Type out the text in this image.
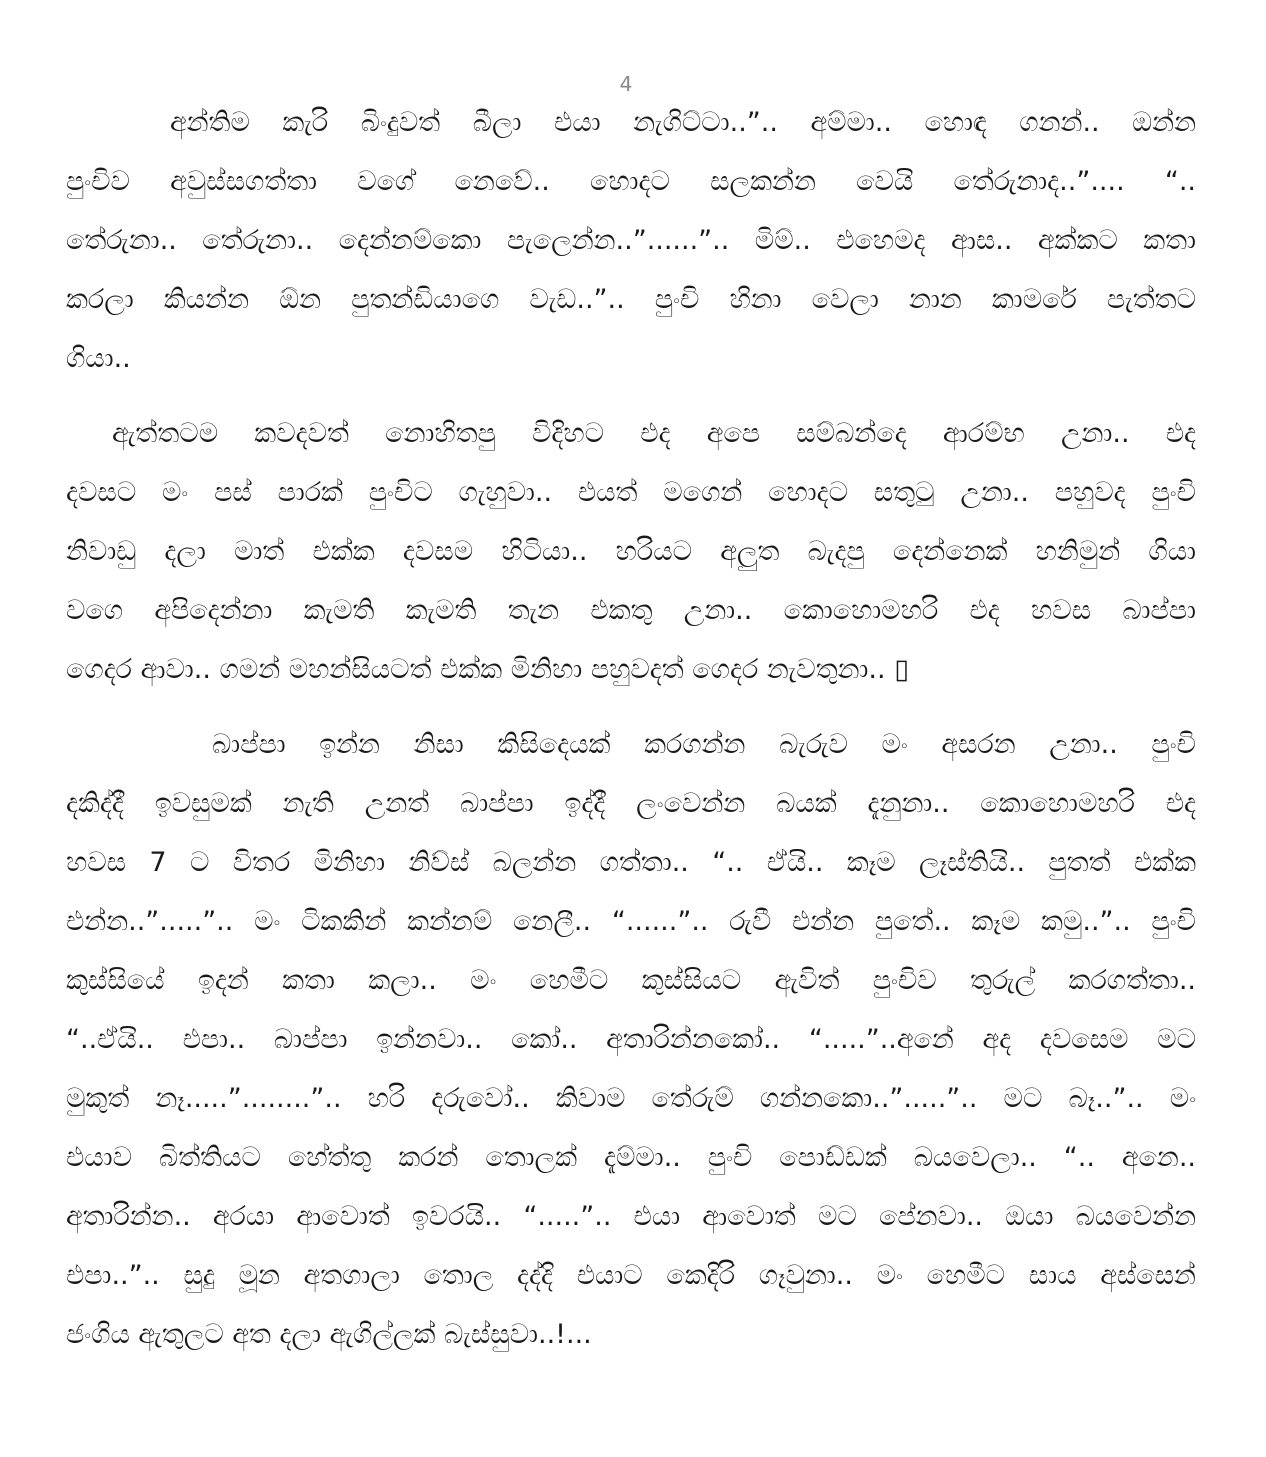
4
අන්තිම කැරි බිංදුවත් බීලා එයා නැගිට්ටා..”.. අම්මා.. හොඳ ගනන්.. ඔන්න
පුංචිව අවුස්සගත්තා වගේ නෙවේ.. හොදට සලකන්න වෙයි තේරුනාද..”.... “..
තේරුනා.. තේරුනා.. දෙන්නම්කො පැලෙන්න..”......”.. මිම්.. එහෙමද ආස.. අක්කට කතා
කරලා කියන්න ඕන පුතන්ඩියාගෙ වැඩ..”.. පුංචි හිනා වෙලා නාන කාමරේ පැත්තට
ගියා..
ඇත්තටම කවදවත් නොහිතපු විදිහට එද අපෙ සම්බන්දෙ ආරම්භ උනා.. එද
දවසට මං පස් පාරක් පුංචිට ගැහුවා.. එයත් මගෙන් හොදට සතුටු උනා.. පහුවද පුංචි
නිවාඩු දලා මාත් එක්ක දවසම හිටියා.. හරියට අලුත බැදපු දෙන්නෙක් හනිමුන් ගියා
වගෙ අපිදෙන්නා කැමති කැමති තැන එකතු උනා.. කොහොමහරි එද හවස බාප්පා
ගෙදර ආවා.. ගමන් මහන්සියටත් එක්ක මිනිහා පහුවදත් ගෙදර නැවතුනා.. ▯
බාප්පා ඉන්න නිසා කිසිදෙයක් කරගන්න බැරුව මං අසරන උනා.. පුංචි
දකිද්දී ඉවසුමක් නැති උනත් බාප්පා ඉද්දී ලංවෙන්න බයක් දැනුනා.. කොහොමහරි එද
හවස 7 ට විතර මිනිහා නිව්ස් බලන්න ගත්තා.. “.. ඒයි.. කෑම ලෑස්තියි.. පුතත් එක්ක
එන්න..”.....”.. මං ටිකකින් කන්නම් නෙලී.. “......”.. රුවී එන්න පුතේ.. කෑම කමු..”.. පුංචි
කුස්සියේ ඉදන් කතා කලා.. මං හෙමීට කුස්සියට ඇවිත් පුංචිව තුරුල් කරගත්තා..
“..ඒයි.. එපා.. බාප්පා ඉන්නවා.. කෝ.. අතාරින්නකෝ.. “.....”..අනේ අද දවසෙම මට
මුකුත් නෑ.....”........”.. හරි දරුවෝ.. කිවාම තේරුම් ගන්නකො..”.....”.. මට බෑ..”.. මං
එයාව බිත්තියට හේත්තු කරන් තොලක් දැම්මා.. පුංචි පොඩ්ඩක් බයවෙලා.. “.. අනෙ..
අතාරින්න.. අරයා ආවොත් ඉවරයි.. “.....”.. එයා ආවොත් මට පේනවා.. ඔයා බයවෙන්න
එපා..”.. සුදු මූන අතගාලා තොල දද්දි එයාට කෙදිරි ගෑවුනා.. මං හෙමීට සාය අස්සෙන්
ජංගිය ඇතුලට අත දලා ඇගිල්ලක් බැස්සුවා..!...
